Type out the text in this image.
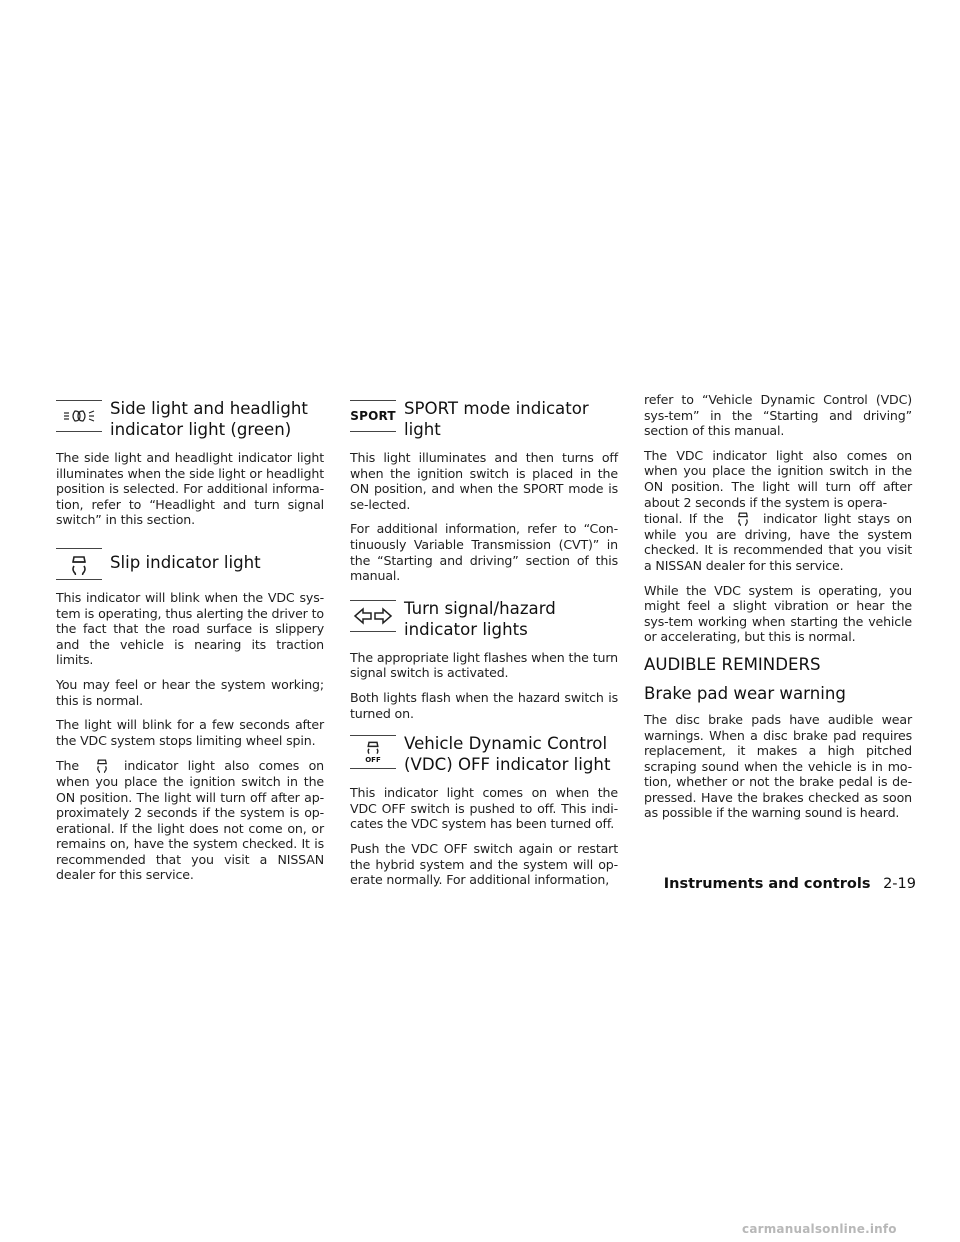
Side light and headlight
indicator light (green)

The side light and headlight indicator light illuminates when the side light or headlight position is selected. For additional informa-tion, refer to “Headlight and turn signal switch” in this section.

Slip indicator light

This indicator will blink when the VDC sys-tem is operating, thus alerting the driver to the fact that the road surface is slippery and the vehicle is nearing its traction limits.

You may feel or hear the system working; this is normal.

The light will blink for a few seconds after the VDC system stops limiting wheel spin.

The	indicator light also comes on when you place the ignition switch in the ON position. The light will turn off after ap-proximately 2 seconds if the system is op-erational. If the light does not come on, or remains on, have the system checked. It is recommended that you visit a NISSAN dealer for this service.

SPORT SPORT mode indicator
light

This light illuminates and then turns off when the ignition switch is placed in the ON position, and when the SPORT mode is se-lected.

For additional information, refer to “Con-tinuously Variable Transmission (CVT)” in the “Starting and driving” section of this manual.

Turn signal/hazard
indicator lights

The appropriate light flashes when the turn signal switch is activated.

Both lights flash when the hazard switch is turned on.

OFF
Vehicle Dynamic Control
(VDC) OFF indicator light

This indicator light comes on when the VDC OFF switch is pushed to off. This indi-cates the VDC system has been turned off.

Push the VDC OFF switch again or restart the hybrid system and the system will op-erate normally. For additional information,

refer to “Vehicle Dynamic Control (VDC) sys-tem” in the “Starting and driving” section of this manual.

The VDC indicator light also comes on when you place the ignition switch in the ON position. The light will turn off after about 2 seconds if the system is opera-

tional. If the	indicator light stays on while you are driving, have the system checked. It is recommended that you visit a NISSAN dealer for this service.

While the VDC system is operating, you might feel a slight vibration or hear the sys-tem working when starting the vehicle or accelerating, but this is normal.

AUDIBLE REMINDERS
Brake pad wear warning

The disc brake pads have audible wear warnings. When a disc brake pad requires replacement, it makes a high pitched scraping sound when the vehicle is in mo-tion, whether or not the brake pedal is de-pressed. Have the brakes checked as soon as possible if the warning sound is heard.

Instruments and controls 2-19
carmanualsonline.info
